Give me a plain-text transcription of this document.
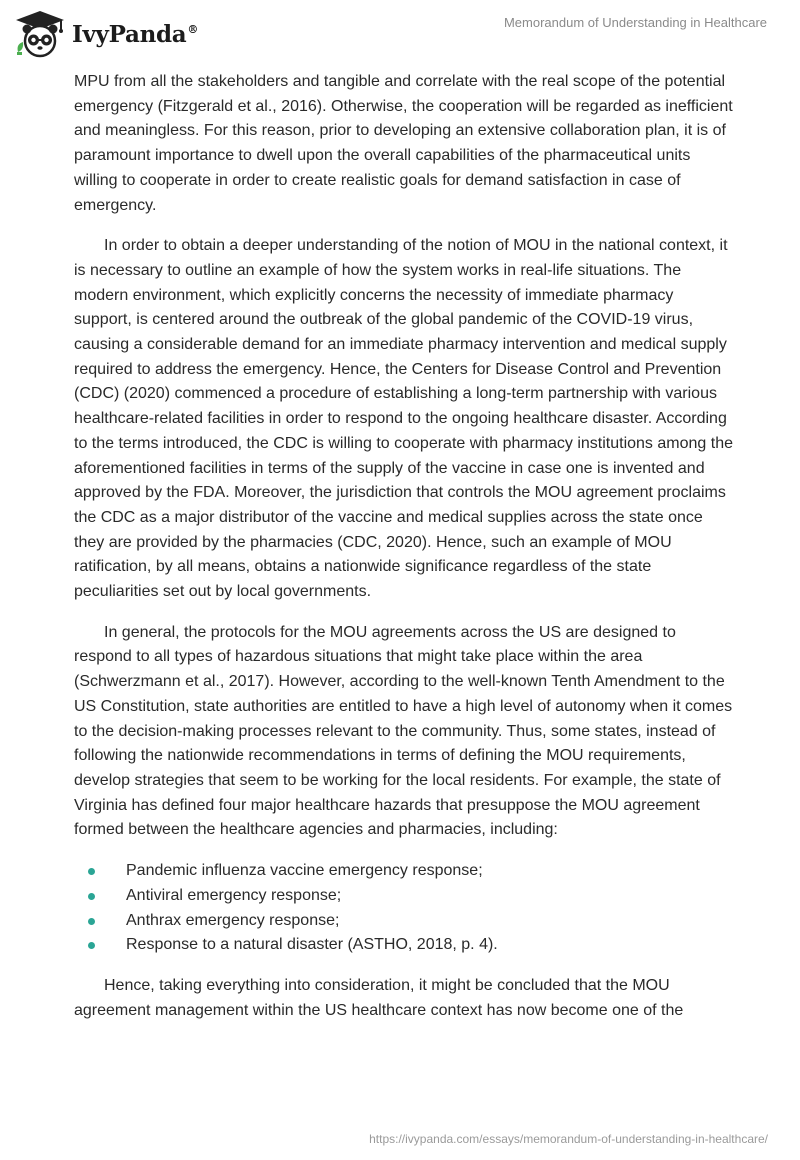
IvyPanda®	Memorandum of Understanding in Healthcare

MPU from all the stakeholders and tangible and correlate with the real scope of the potential emergency (Fitzgerald et al., 2016). Otherwise, the cooperation will be regarded as inefficient and meaningless. For this reason, prior to developing an extensive collaboration plan, it is of paramount importance to dwell upon the overall capabilities of the pharmaceutical units willing to cooperate in order to create realistic goals for demand satisfaction in case of emergency.

In order to obtain a deeper understanding of the notion of MOU in the national context, it is necessary to outline an example of how the system works in real-life situations. The modern environment, which explicitly concerns the necessity of immediate pharmacy support, is centered around the outbreak of the global pandemic of the COVID-19 virus, causing a considerable demand for an immediate pharmacy intervention and medical supply required to address the emergency. Hence, the Centers for Disease Control and Prevention (CDC) (2020) commenced a procedure of establishing a long-term partnership with various healthcare-related facilities in order to respond to the ongoing healthcare disaster. According to the terms introduced, the CDC is willing to cooperate with pharmacy institutions among the aforementioned facilities in terms of the supply of the vaccine in case one is invented and approved by the FDA. Moreover, the jurisdiction that controls the MOU agreement proclaims the CDC as a major distributor of the vaccine and medical supplies across the state once they are provided by the pharmacies (CDC, 2020). Hence, such an example of MOU ratification, by all means, obtains a nationwide significance regardless of the state peculiarities set out by local governments.

In general, the protocols for the MOU agreements across the US are designed to respond to all types of hazardous situations that might take place within the area (Schwerzmann et al., 2017). However, according to the well-known Tenth Amendment to the US Constitution, state authorities are entitled to have a high level of autonomy when it comes to the decision-making processes relevant to the community. Thus, some states, instead of following the nationwide recommendations in terms of defining the MOU requirements, develop strategies that seem to be working for the local residents. For example, the state of Virginia has defined four major healthcare hazards that presuppose the MOU agreement formed between the healthcare agencies and pharmacies, including:

Pandemic influenza vaccine emergency response;
Antiviral emergency response;
Anthrax emergency response;
Response to a natural disaster (ASTHO, 2018, p. 4).

Hence, taking everything into consideration, it might be concluded that the MOU agreement management within the US healthcare context has now become one of the

https://ivypanda.com/essays/memorandum-of-understanding-in-healthcare/
